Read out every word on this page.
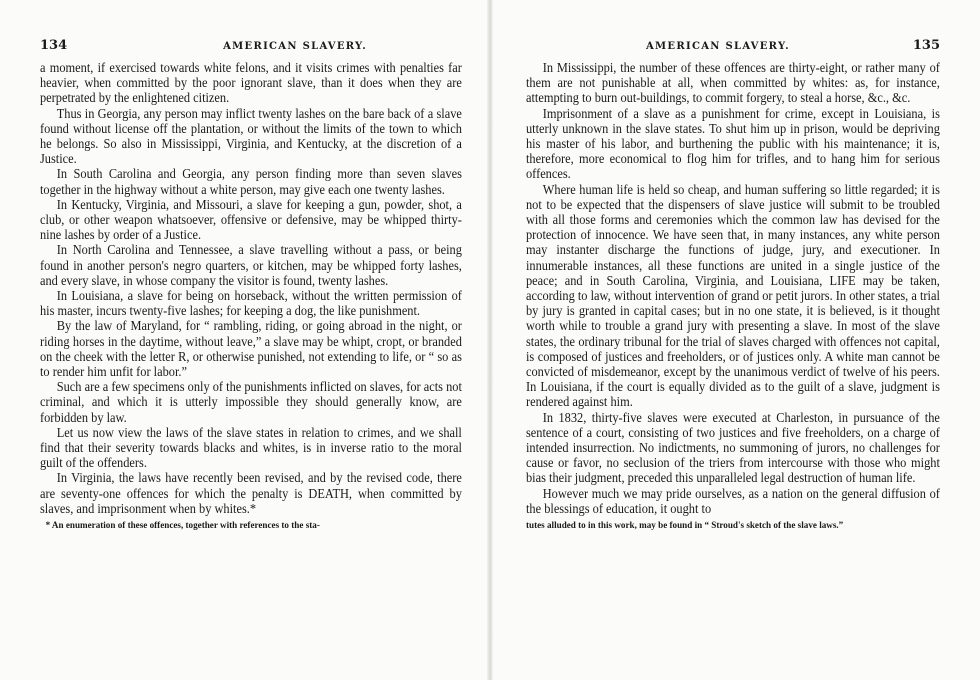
134	AMERICAN SLAVERY.

a moment, if exercised towards white felons, and it visits crimes with penalties far heavier, when committed by the poor ignorant slave, than it does when they are perpetrated by the enlightened citizen.

Thus in Georgia, any person may inflict twenty lashes on the bare back of a slave found without license off the plantation, or without the limits of the town to which he belongs. So also in Mississippi, Virginia, and Kentucky, at the discretion of a Justice.

In South Carolina and Georgia, any person finding more than seven slaves together in the highway without a white person, may give each one twenty lashes.

In Kentucky, Virginia, and Missouri, a slave for keeping a gun, powder, shot, a club, or other weapon whatsoever, offensive or defensive, may be whipped thirty-nine lashes by order of a Justice.

In North Carolina and Tennessee, a slave travelling without a pass, or being found in another person's negro quarters, or kitchen, may be whipped forty lashes, and every slave, in whose company the visitor is found, twenty lashes.

In Louisiana, a slave for being on horseback, without the written permission of his master, incurs twenty-five lashes; for keeping a dog, the like punishment.

By the law of Maryland, for “ rambling, riding, or going abroad in the night, or riding horses in the daytime, without leave,” a slave may be whipt, cropt, or branded on the cheek with the letter R, or otherwise punished, not extending to life, or “ so as to render him unfit for labor.”

Such are a few specimens only of the punishments inflicted on slaves, for acts not criminal, and which it is utterly impossible they should generally know, are forbidden by law.

Let us now view the laws of the slave states in relation to crimes, and we shall find that their severity towards blacks and whites, is in inverse ratio to the moral guilt of the offenders.

In Virginia, the laws have recently been revised, and by the revised code, there are seventy-one offences for which the penalty is DEATH, when committed by slaves, and imprisonment when by whites.*

* An enumeration of these offences, together with references to the sta-
AMERICAN SLAVERY.	135

In Mississippi, the number of these offences are thirty-eight, or rather many of them are not punishable at all, when committed by whites: as, for instance, attempting to burn out-buildings, to commit forgery, to steal a horse, &c., &c.

Imprisonment of a slave as a punishment for crime, except in Louisiana, is utterly unknown in the slave states. To shut him up in prison, would be depriving his master of his labor, and burthening the public with his maintenance; it is, therefore, more economical to flog him for trifles, and to hang him for serious offences.

Where human life is held so cheap, and human suffering so little regarded; it is not to be expected that the dispensers of slave justice will submit to be troubled with all those forms and ceremonies which the common law has devised for the protection of innocence. We have seen that, in many instances, any white person may instanter discharge the functions of judge, jury, and executioner. In innumerable instances, all these functions are united in a single justice of the peace; and in South Carolina, Virginia, and Louisiana, LIFE may be taken, according to law, without intervention of grand or petit jurors. In other states, a trial by jury is granted in capital cases; but in no one state, it is believed, is it thought worth while to trouble a grand jury with presenting a slave. In most of the slave states, the ordinary tribunal for the trial of slaves charged with offences not capital, is composed of justices and freeholders, or of justices only. A white man cannot be convicted of misdemeanor, except by the unanimous verdict of twelve of his peers. In Louisiana, if the court is equally divided as to the guilt of a slave, judgment is rendered against him.

In 1832, thirty-five slaves were executed at Charleston, in pursuance of the sentence of a court, consisting of two justices and five freeholders, on a charge of intended insurrection. No indictments, no summoning of jurors, no challenges for cause or favor, no seclusion of the triers from intercourse with those who might bias their judgment, preceded this unparalleled legal destruction of human life.

However much we may pride ourselves, as a nation on the general diffusion of the blessings of education, it ought to

tutes alluded to in this work, may be found in “ Stroud's sketch of the slave laws.”
